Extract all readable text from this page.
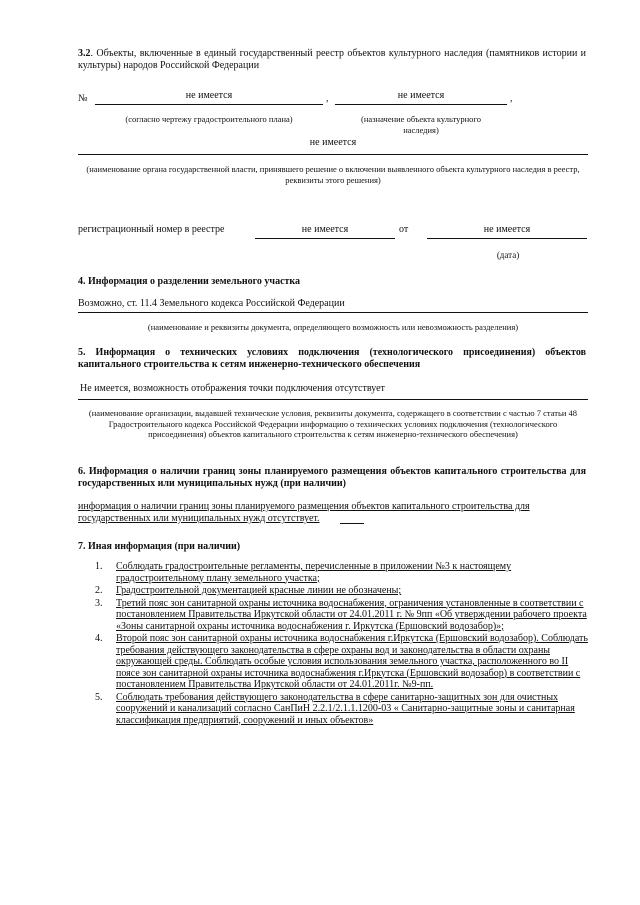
3.2. Объекты, включенные в единый государственный реестр объектов культурного наследия (памятников истории и культуры) народов Российской Федерации
№	не имеется	,	не имеется	,
(согласно чертежу градостроительного плана)	(назначение объекта культурного наследия)
не имеется
(наименование органа государственной власти, принявшего решение о включении выявленного объекта культурного наследия в реестр, реквизиты этого решения)
регистрационный номер в реестре	не имеется	от	не имеется
(дата)
4. Информация о разделении земельного участка
Возможно, ст. 11.4 Земельного кодекса Российской Федерации
(наименование и реквизиты документа, определяющего возможность или невозможность разделения)
5. Информация о технических условиях подключения (технологического присоединения) объектов капитального строительства к сетям инженерно-технического обеспечения
Не имеется, возможность отображения точки подключения отсутствует
(наименование организации, выдавшей технические условия, реквизиты документа, содержащего в соответствии с частью 7 статьи 48 Градостроительного кодекса Российской Федерации информацию о технических условиях подключения (технологического присоединения) объектов капитального строительства к сетям инженерно-технического обеспечения)
6. Информация о наличии границ зоны планируемого размещения объектов капитального строительства для государственных или муниципальных нужд (при наличии)
информация о наличии границ зоны планируемого размещения объектов капитального строительства для государственных или муниципальных нужд отсутствует.
7. Иная информация (при наличии)
1. Соблюдать градостроительные регламенты, перечисленные в приложении №3 к настоящему градостроительному плану земельного участка;
2. Градостроительной документацией красные линии не обозначены;
3. Третий пояс зон санитарной охраны источника водоснабжения, ограничения установленные в соответствии с постановлением Правительства Иркутской области от 24.01.2011 г. № 9пп «Об утверждении рабочего проекта «Зоны санитарной охраны источника водоснабжения г. Иркутска (Ершовский водозабор)»;
4. Второй пояс зон санитарной охраны источника водоснабжения г.Иркутска (Ершовский водозабор). Соблюдать требования действующего законодательства в сфере охраны вод и законодательства в области охраны окружающей среды. Соблюдать особые условия использования земельного участка, расположенного во II поясе зон санитарной охраны источника водоснабжения г.Иркутска (Ершовский водозабор) в соответствии с постановлением Правительства Иркутской области от 24.01.2011г. №9-пп.
5. Соблюдать требования действующего законодательства в сфере санитарно-защитных зон для очистных сооружений и канализаций согласно СанПиН 2.2.1/2.1.1.1200-03 « Санитарно-защитные зоны и санитарная классификация предприятий, сооружений и иных объектов»
